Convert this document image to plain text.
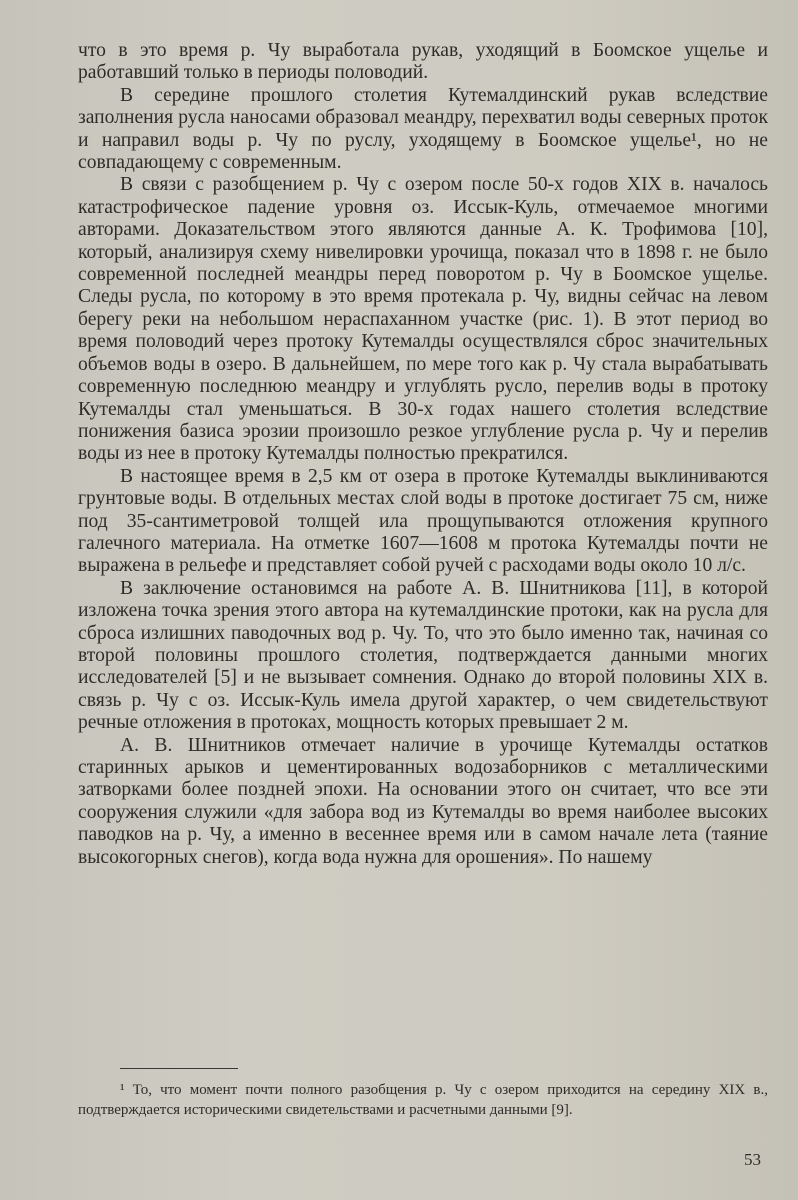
что в это время р. Чу выработала рукав, уходящий в Боомское ущелье и работавший только в периоды половодий.

В середине прошлого столетия Кутемалдинский рукав вследствие заполнения русла наносами образовал меандру, перехватил воды северных проток и направил воды р. Чу по руслу, уходящему в Боомское ущелье¹, но не совпадающему с современным.

В связи с разобщением р. Чу с озером после 50-х годов XIX в. началось катастрофическое падение уровня оз. Иссык-Куль, отмечаемое многими авторами. Доказательством этого являются данные А. К. Трофимова [10], который, анализируя схему нивелировки урочища, показал что в 1898 г. не было современной последней меандры перед поворотом р. Чу в Боомское ущелье. Следы русла, по которому в это время протекала р. Чу, видны сейчас на левом берегу реки на небольшом нераспаханном участке (рис. 1). В этот период во время половодий через протоку Кутемалды осуществлялся сброс значительных объемов воды в озеро. В дальнейшем, по мере того как р. Чу стала вырабатывать современную последнюю меандру и углублять русло, перелив воды в протоку Кутемалды стал уменьшаться. В 30-х годах нашего столетия вследствие понижения базиса эрозии произошло резкое углубление русла р. Чу и перелив воды из нее в протоку Кутемалды полностью прекратился.

В настоящее время в 2,5 км от озера в протоке Кутемалды выклиниваются грунтовые воды. В отдельных местах слой воды в протоке достигает 75 см, ниже под 35-сантиметровой толщей ила прощупываются отложения крупного галечного материала. На отметке 1607—1608 м протока Кутемалды почти не выражена в рельефе и представляет собой ручей с расходами воды около 10 л/с.

В заключение остановимся на работе А. В. Шнитникова [11], в которой изложена точка зрения этого автора на кутемалдинские протоки, как на русла для сброса излишних паводочных вод р. Чу. То, что это было именно так, начиная со второй половины прошлого столетия, подтверждается данными многих исследователей [5] и не вызывает сомнения. Однако до второй половины XIX в. связь р. Чу с оз. Иссык-Куль имела другой характер, о чем свидетельствуют речные отложения в протоках, мощность которых превышает 2 м.

А. В. Шнитников отмечает наличие в урочище Кутемалды остатков старинных арыков и цементированных водозаборников с металлическими затворками более поздней эпохи. На основании этого он считает, что все эти сооружения служили «для забора вод из Кутемалды во время наиболее высоких паводков на р. Чу, а именно в весеннее время или в самом начале лета (таяние высокогорных снегов), когда вода нужна для орошения». По нашему

¹ То, что момент почти полного разобщения р. Чу с озером приходится на середину XIX в., подтверждается историческими свидетельствами и расчетными данными [9].
53
